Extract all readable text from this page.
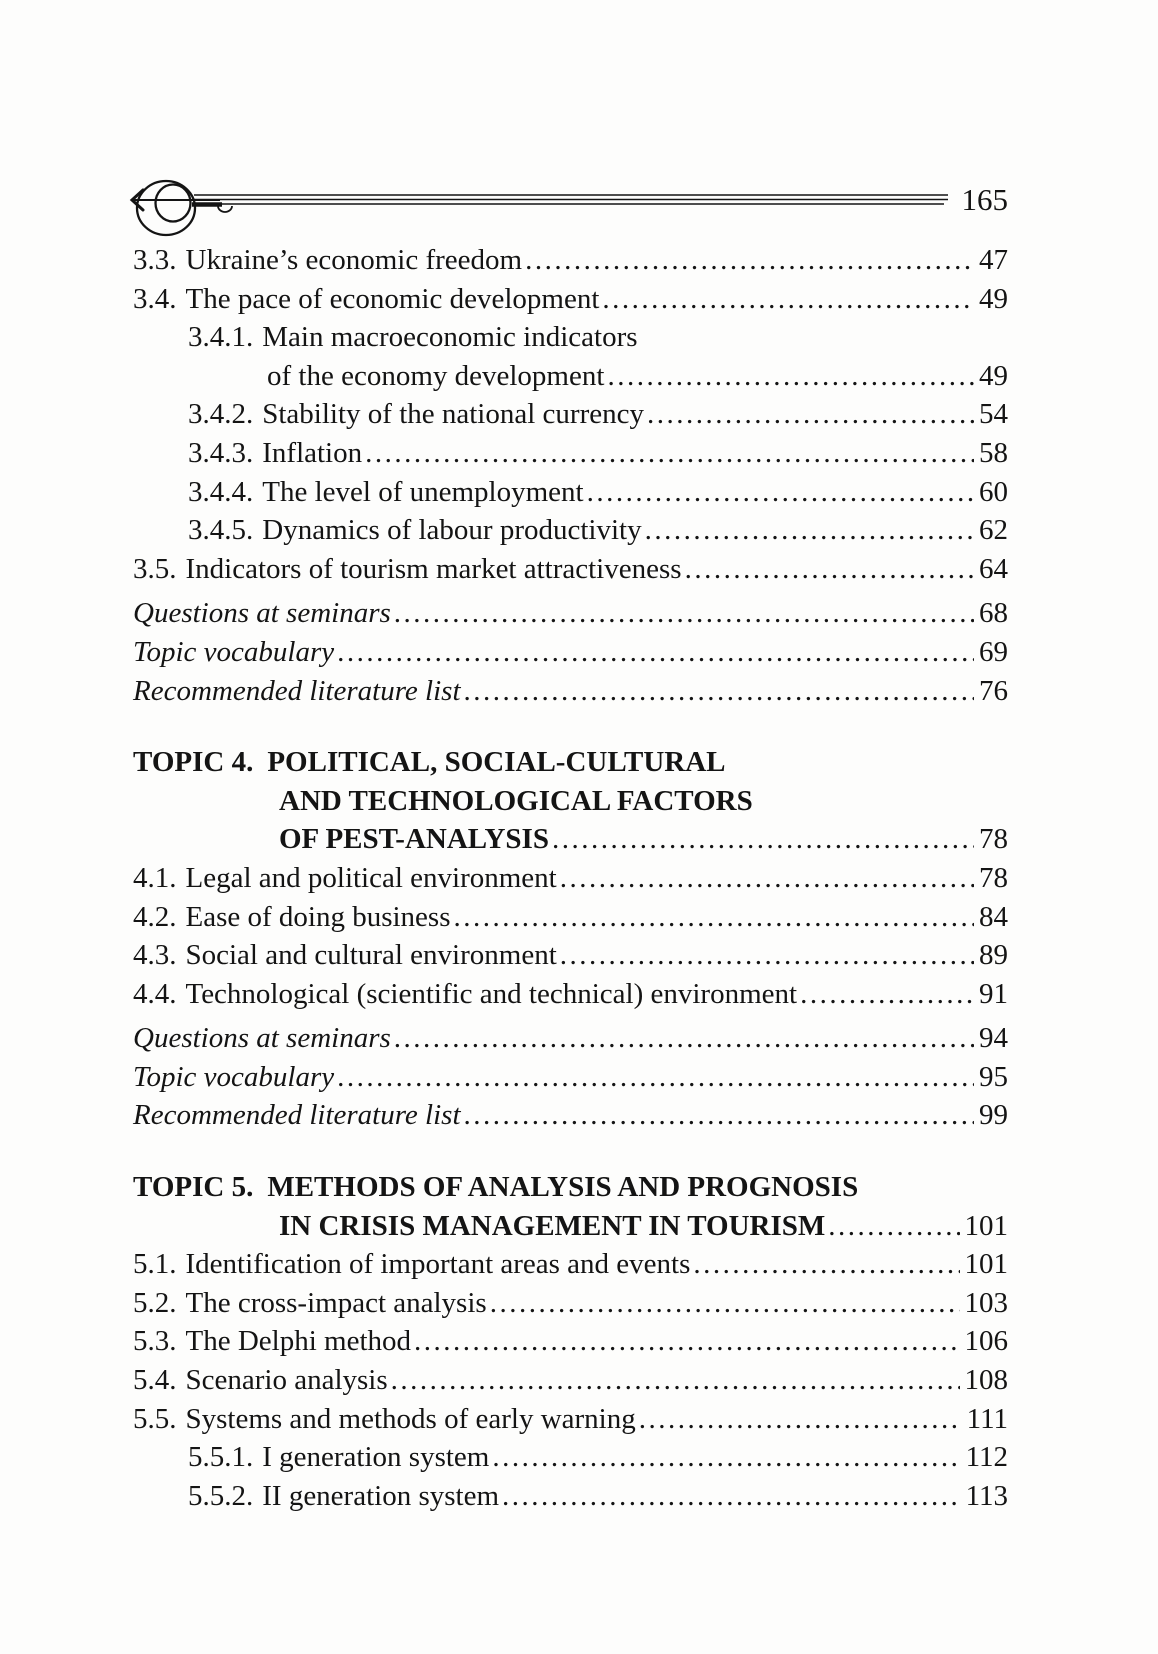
165
3.3. Ukraine’s economic freedom .....	47
3.4. The pace of economic development .....	49
3.4.1. Main macroeconomic indicators
of the economy development .....	49
3.4.2. Stability of the national currency .....	54
3.4.3. Inflation .....	58
3.4.4. The level of unemployment .....	60
3.4.5. Dynamics of labour productivity .....	62
3.5. Indicators of tourism market attractiveness .....	64
Questions at seminars .....	68
Topic vocabulary .....	69
Recommended literature list .....	76
TOPIC 4. POLITICAL, SOCIAL-CULTURAL
AND TECHNOLOGICAL FACTORS
OF PEST-ANALYSIS .....	78
4.1. Legal and political environment .....	78
4.2. Ease of doing business .....	84
4.3. Social and cultural environment .....	89
4.4. Technological (scientific and technical) environment .....	91
Questions at seminars .....	94
Topic vocabulary .....	95
Recommended literature list .....	99
TOPIC 5. METHODS OF ANALYSIS AND PROGNOSIS
IN CRISIS MANAGEMENT IN TOURISM .....	101
5.1. Identification of important areas and events .....	101
5.2. The cross-impact analysis .....	103
5.3. The Delphi method .....	106
5.4. Scenario analysis .....	108
5.5. Systems and methods of early warning .....	111
5.5.1. I generation system .....	112
5.5.2. II generation system .....	113
